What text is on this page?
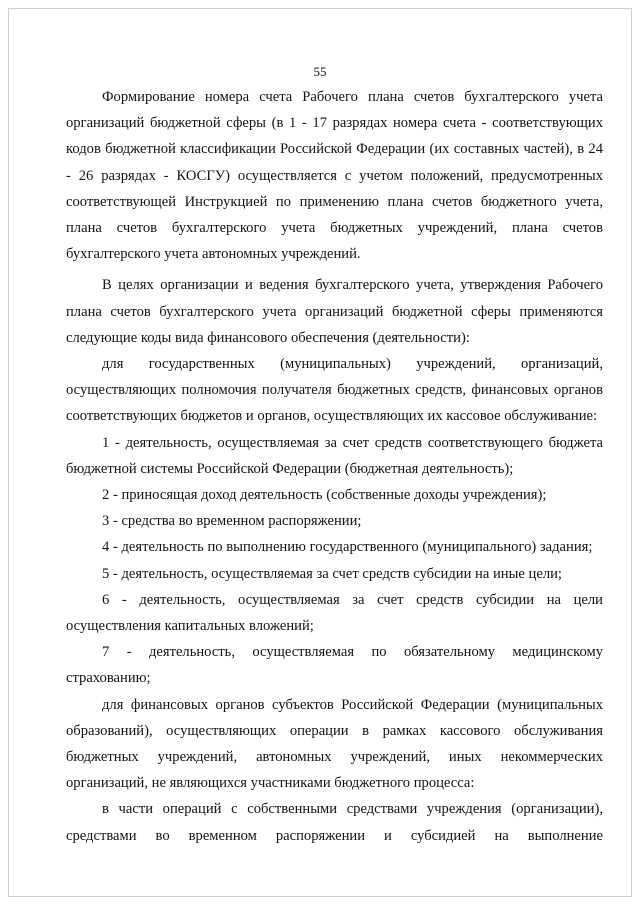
55

Формирование номера счета Рабочего плана счетов бухгалтерского учета организаций бюджетной сферы (в 1 - 17 разрядах номера счета - соответствующих кодов бюджетной классификации Российской Федерации (их составных частей), в 24 - 26 разрядах - КОСГУ) осуществляется с учетом положений, предусмотренных соответствующей Инструкцией по применению плана счетов бюджетного учета, плана счетов бухгалтерского учета бюджетных учреждений, плана счетов бухгалтерского учета автономных учреждений.

В целях организации и ведения бухгалтерского учета, утверждения Рабочего плана счетов бухгалтерского учета организаций бюджетной сферы применяются следующие коды вида финансового обеспечения (деятельности):

для государственных (муниципальных) учреждений, организаций, осуществляющих полномочия получателя бюджетных средств, финансовых органов соответствующих бюджетов и органов, осуществляющих их кассовое обслуживание:

1 - деятельность, осуществляемая за счет средств соответствующего бюджета бюджетной системы Российской Федерации (бюджетная деятельность);

2 - приносящая доход деятельность (собственные доходы учреждения);

3 - средства во временном распоряжении;

4 - деятельность по выполнению государственного (муниципального) задания;

5 - деятельность, осуществляемая за счет средств субсидии на иные цели;

6 - деятельность, осуществляемая за счет средств субсидии на цели осуществления капитальных вложений;

7 - деятельность, осуществляемая по обязательному медицинскому страхованию;

для финансовых органов субъектов Российской Федерации (муниципальных образований), осуществляющих операции в рамках кассового обслуживания бюджетных учреждений, автономных учреждений, иных некоммерческих организаций, не являющихся участниками бюджетного процесса:

в части операций с собственными средствами учреждения (организации), средствами во временном распоряжении и субсидией на выполнение
